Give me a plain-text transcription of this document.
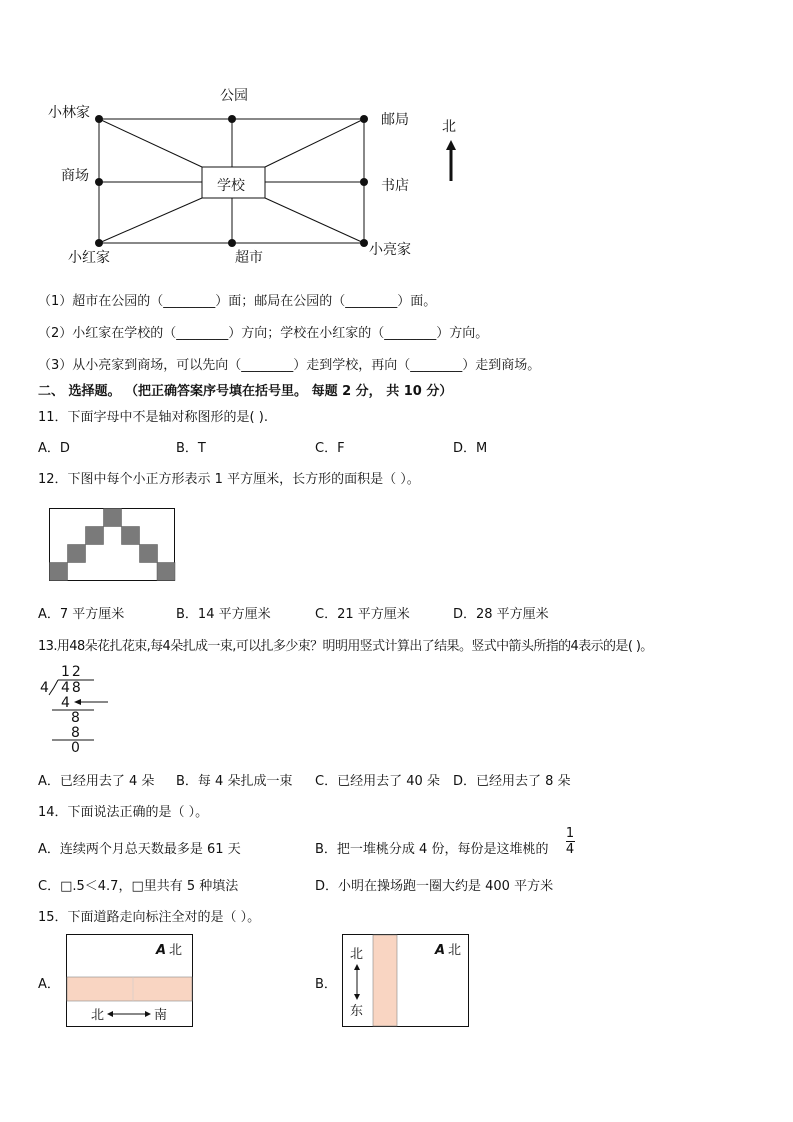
公园
小林家	邮局
商场
学校	书店
小红家	超市	小亮家
北
（1）超市在公园的（________）面；邮局在公园的（________）面。
（2）小红家在学校的（________）方向；学校在小红家的（________）方向。
（3）从小亮家到商场，可以先向（________）走到学校，再向（________）走到商场。
二、 选择题。 （把正确答案序号填在括号里。 每题 2 分， 共 10 分）
11．下面字母中不是轴对称图形的是( ).
A．D	B．T	C．F	D．M
12．下图中每个小正方形表示 1 平方厘米，长方形的面积是（ ）。
A．7 平方厘米	B．14 平方厘米	C．21 平方厘米	D．28 平方厘米
13.用48朵花扎花束,每4朵扎成一束,可以扎多少束？明明用竖式计算出了结果。竖式中箭头所指的4表示的是( )。
12
4 48
4
8
8
0
A．已经用去了 4 朵 B．每 4 朵扎成一束 C．已经用去了 40 朵 D．已经用去了 8 朵
14．下面说法正确的是（ ）。
A．连续两个月总天数最多是 61 天	B．把一堆桃分成 4 份，每份是这堆桃的
1
4
C．□.5＜4.7，□里共有 5 种填法	D．小明在操场跑一圈大约是 400 平方米
15．下面道路走向标注全对的是（ ）。
A．
A 北
北	南
B．
A 北
北
东
